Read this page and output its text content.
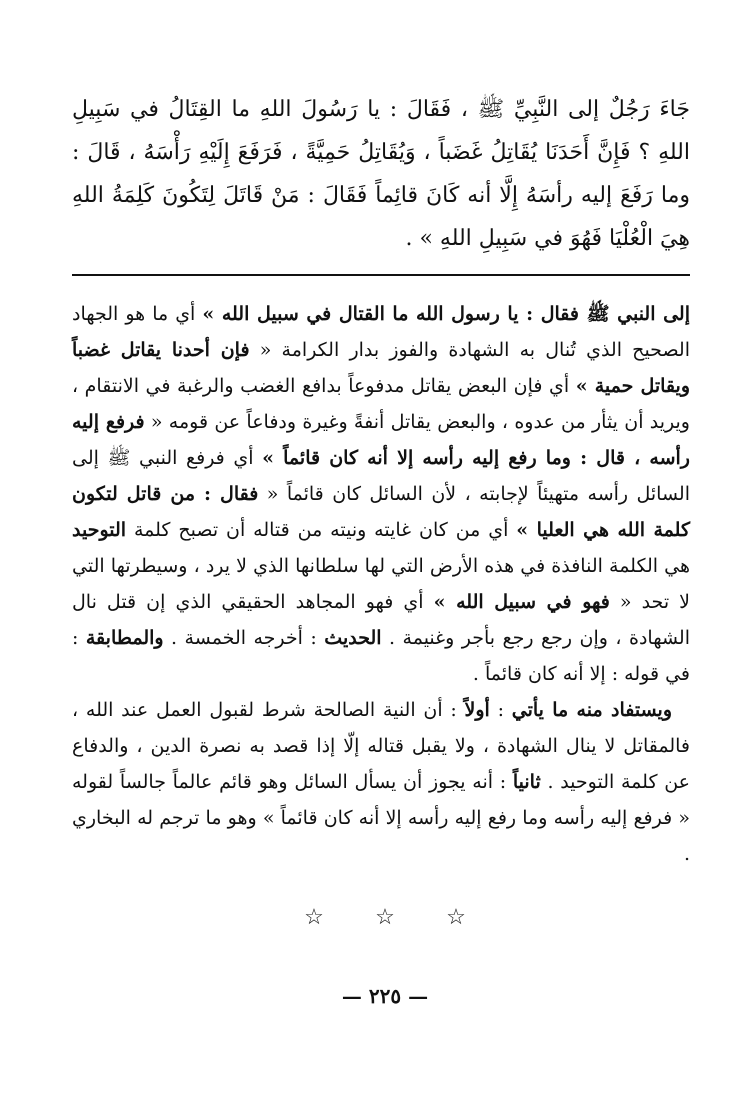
جَاءَ رَجُلٌ إلى النَّبِيِّ ﷺ ، فَقَالَ : يا رَسُولَ اللهِ ما القِتَالُ في سَبِيلِ اللهِ ؟ فَإِنَّ أَحَدَنَا يُقَاتِلُ غَضَباً ، وَيُقَاتِلُ حَمِيَّةً ، فَرَفَعَ إِلَيْهِ رَأْسَهُ ، قَالَ : وما رَفَعَ إليه رأسَهُ إِلَّا أنه كَانَ قائِماً فَقَالَ : مَنْ قَاتَلَ لِتَكُونَ كَلِمَةُ اللهِ هِيَ الْعُلْيَا فَهُوَ في سَبِيلِ اللهِ » .

إلى النبي ﷺ فقال : يا رسول الله ما القتال في سبيل الله » أي ما هو الجهاد الصحيح الذي تُنال به الشهادة والفوز بدار الكرامة « فإن أحدنا يقاتل غضباً ويقاتل حمية » أي فإن البعض يقاتل مدفوعاً بدافع الغضب والرغبة في الانتقام ، ويريد أن يثأر من عدوه ، والبعض يقاتل أنفةً وغيرة ودفاعاً عن قومه « فرفع إليه رأسه ، قال : وما رفع إليه رأسه إلا أنه كان قائماً » أي فرفع النبي ﷺ إلى السائل رأسه متهيئاً لإجابته ، لأن السائل كان قائماً « فقال : من قاتل لتكون كلمة الله هي العليا » أي من كان غايته ونيته من قتاله أن تصبح كلمة التوحيد هي الكلمة النافذة في هذه الأرض التي لها سلطانها الذي لا يرد ، وسيطرتها التي لا تحد « فهو في سبيل الله » أي فهو المجاهد الحقيقي الذي إن قتل نال الشهادة ، وإن رجع رجع بأجر وغنيمة . الحديث : أخرجه الخمسة . والمطابقة : في قوله : إلا أنه كان قائماً .

ويستفاد منه ما يأتي : أولاً : أن النية الصالحة شرط لقبول العمل عند الله ، فالمقاتل لا ينال الشهادة ، ولا يقبل قتاله إلّا إذا قصد به نصرة الدين ، والدفاع عن كلمة التوحيد . ثانياً : أنه يجوز أن يسأل السائل وهو قائم عالماً جالساً لقوله « فرفع إليه رأسه وما رفع إليه رأسه إلا أنه كان قائماً » وهو ما ترجم له البخاري .

☆ ☆ ☆
— ٢٢٥ —
